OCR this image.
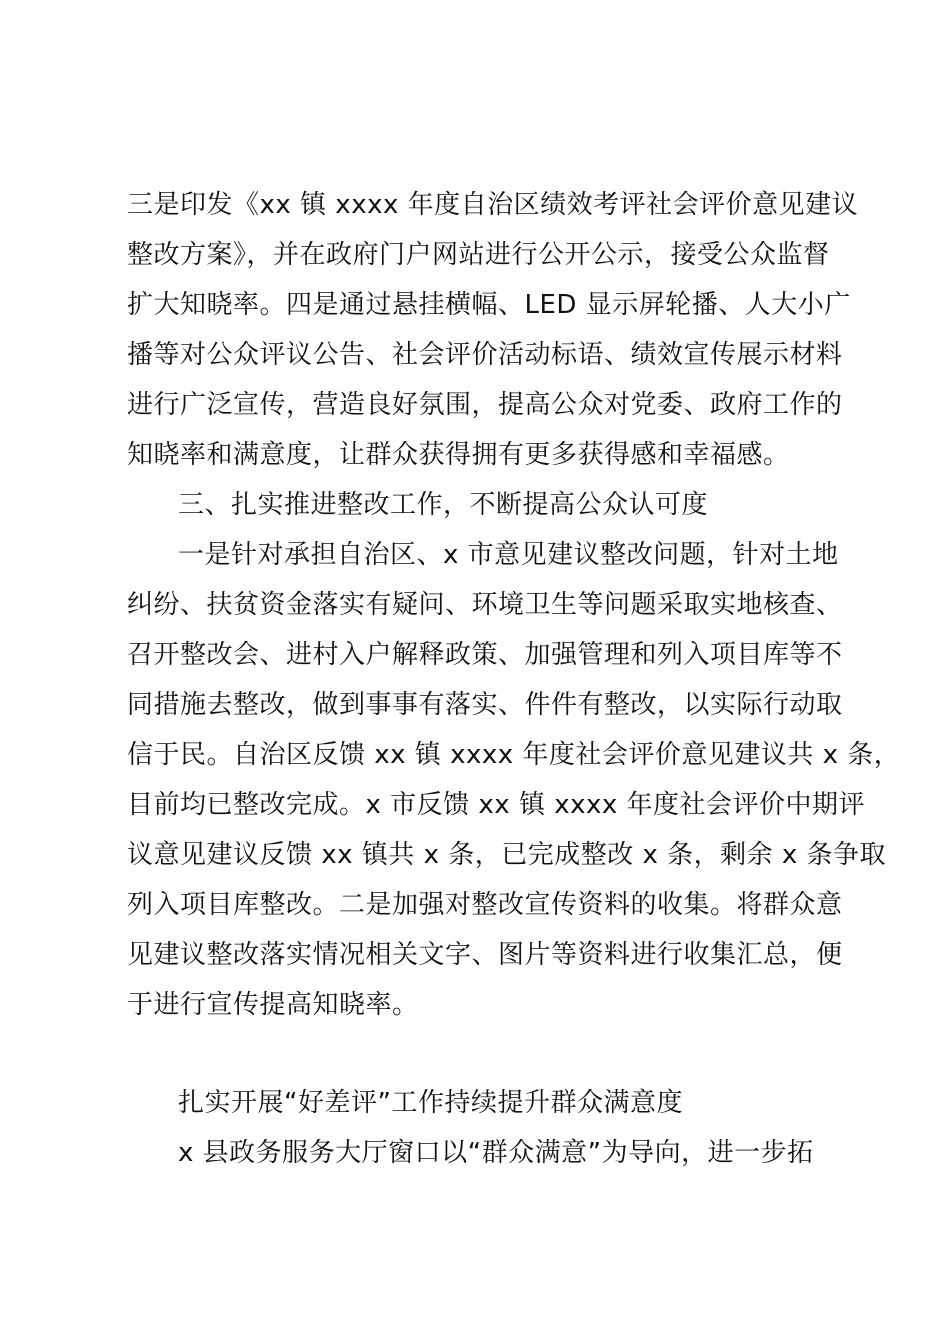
三是印发《xx 镇 xxxx 年度自治区绩效考评社会评价意见建议
整改方案》，并在政府门户网站进行公开公示，接受公众监督
扩大知晓率。四是通过悬挂横幅、LED 显示屏轮播、人大小广
播等对公众评议公告、社会评价活动标语、绩效宣传展示材料
进行广泛宣传，营造良好氛围，提高公众对党委、政府工作的
知晓率和满意度，让群众获得拥有更多获得感和幸福感。
三、扎实推进整改工作，不断提高公众认可度
一是针对承担自治区、x 市意见建议整改问题，针对土地
纠纷、扶贫资金落实有疑问、环境卫生等问题采取实地核查、
召开整改会、进村入户解释政策、加强管理和列入项目库等不
同措施去整改，做到事事有落实、件件有整改，以实际行动取
信于民。自治区反馈 xx 镇 xxxx 年度社会评价意见建议共 x 条，
目前均已整改完成。x 市反馈 xx 镇 xxxx 年度社会评价中期评
议意见建议反馈 xx 镇共 x 条，已完成整改 x 条，剩余 x 条争取
列入项目库整改。二是加强对整改宣传资料的收集。将群众意
见建议整改落实情况相关文字、图片等资料进行收集汇总，便
于进行宣传提高知晓率。
扎实开展“好差评”工作持续提升群众满意度
x 县政务服务大厅窗口以“群众满意”为导向，进一步拓
